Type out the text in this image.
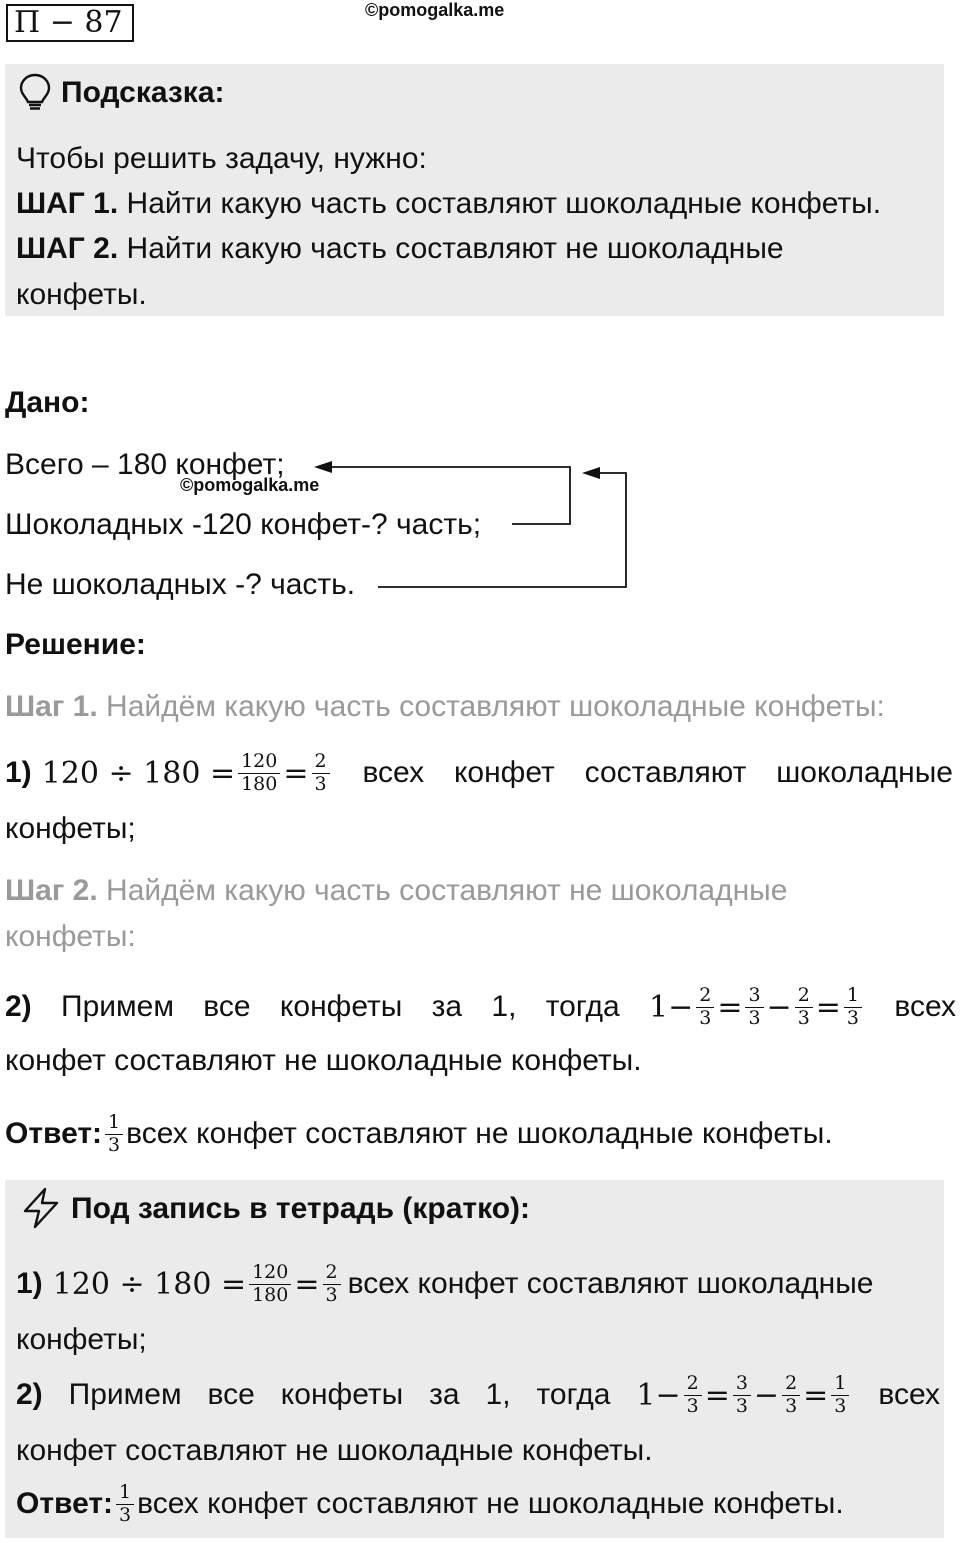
П − 87	©pomogalka.me
Подсказка:
Чтобы решить задачу, нужно:
ШАГ 1. Найти какую часть составляют шоколадные конфеты.
ШАГ 2. Найти какую часть составляют не шоколадные
конфеты.
Дано:
Всего – 180 конфет;
©pomogalka.me
Шоколадных -120 конфет-? часть;
Не шоколадных -? часть.
Решение:
Шаг 1. Найдём какую часть составляют шоколадные конфеты:
1) $120 \div 180 = \frac{120}{180} = \frac{2}{3}$ всех конфет составляют шоколадные
конфеты;
Шаг 2. Найдём какую часть составляют не шоколадные
конфеты:
2) Примем все конфеты за 1, тогда $1 - \frac{2}{3} = \frac{3}{3} - \frac{2}{3} = \frac{1}{3}$ всех
конфет составляют не шоколадные конфеты.
Ответ: $\frac{1}{3}$ всех конфет составляют не шоколадные конфеты.
Под запись в тетрадь (кратко):
1) $120 \div 180 = \frac{120}{180} = \frac{2}{3}$ всех конфет составляют шоколадные
конфеты;
2) Примем все конфеты за 1, тогда $1 - \frac{2}{3} = \frac{3}{3} - \frac{2}{3} = \frac{1}{3}$ всех
конфет составляют не шоколадные конфеты.
Ответ: $\frac{1}{3}$ всех конфет составляют не шоколадные конфеты.
